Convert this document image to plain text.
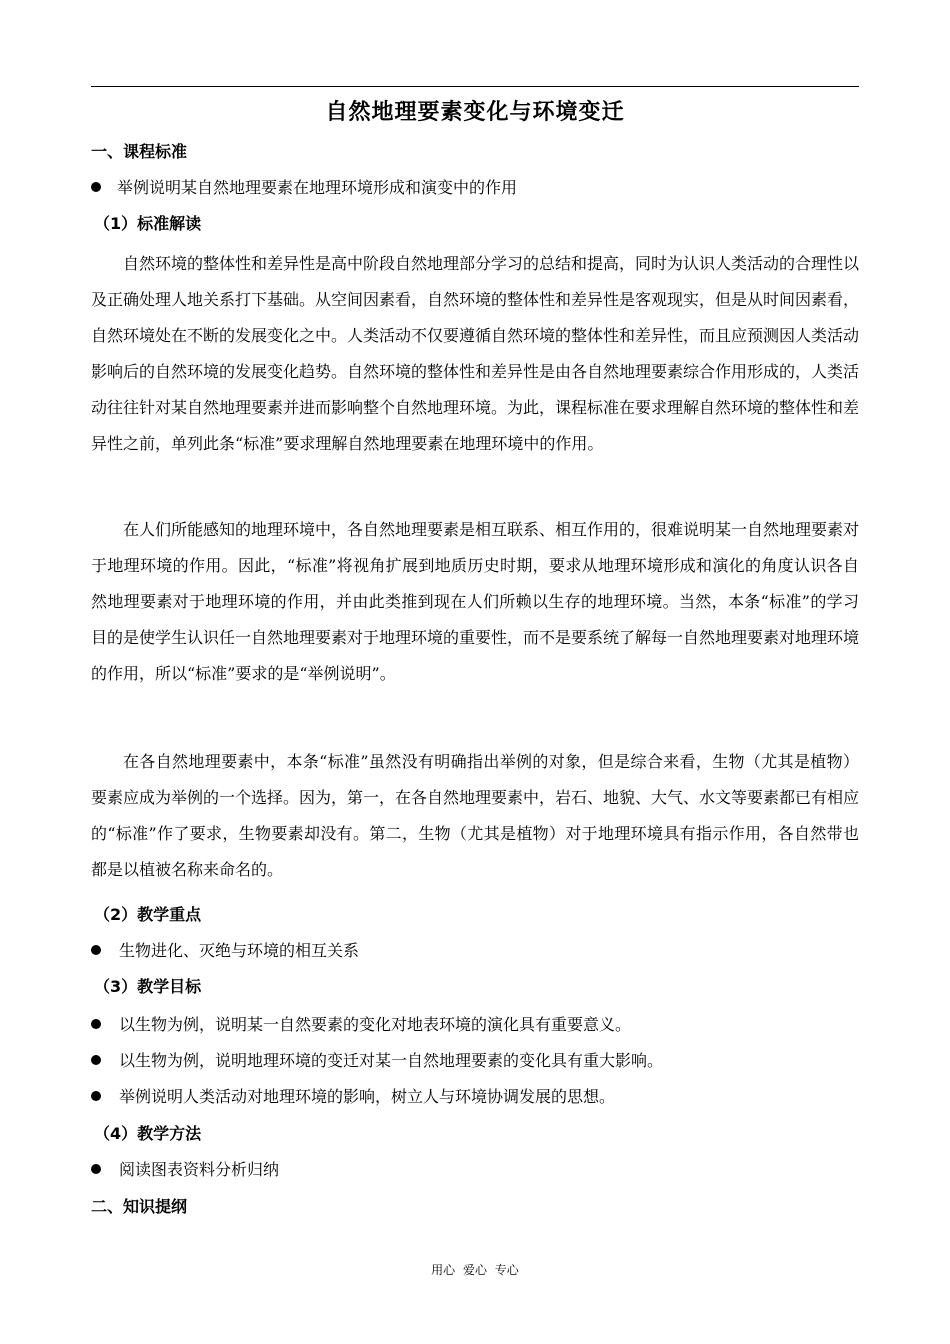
自然地理要素变化与环境变迁
一、课程标准
举例说明某自然地理要素在地理环境形成和演变中的作用
（1）标准解读

自然环境的整体性和差异性是高中阶段自然地理部分学习的总结和提高，同时为认识人类活动的合理性以及正确处理人地关系打下基础。从空间因素看，自然环境的整体性和差异性是客观现实，但是从时间因素看，自然环境处在不断的发展变化之中。人类活动不仅要遵循自然环境的整体性和差异性，而且应预测因人类活动影响后的自然环境的发展变化趋势。自然环境的整体性和差异性是由各自然地理要素综合作用形成的，人类活动往往针对某自然地理要素并进而影响整个自然地理环境。为此，课程标准在要求理解自然环境的整体性和差异性之前，单列此条“标准”要求理解自然地理要素在地理环境中的作用。

在人们所能感知的地理环境中，各自然地理要素是相互联系、相互作用的，很难说明某一自然地理要素对于地理环境的作用。因此，“标准”将视角扩展到地质历史时期，要求从地理环境形成和演化的角度认识各自然地理要素对于地理环境的作用，并由此类推到现在人们所赖以生存的地理环境。当然，本条“标准”的学习目的是使学生认识任一自然地理要素对于地理环境的重要性，而不是要系统了解每一自然地理要素对地理环境的作用，所以“标准”要求的是“举例说明”。

在各自然地理要素中，本条“标准”虽然没有明确指出举例的对象，但是综合来看，生物（尤其是植物）要素应成为举例的一个选择。因为，第一，在各自然地理要素中，岩石、地貌、大气、水文等要素都已有相应的“标准”作了要求，生物要素却没有。第二，生物（尤其是植物）对于地理环境具有指示作用，各自然带也都是以植被名称来命名的。

（2）教学重点
生物进化、灭绝与环境的相互关系
（3）教学目标
以生物为例，说明某一自然要素的变化对地表环境的演化具有重要意义。
以生物为例，说明地理环境的变迁对某一自然地理要素的变化具有重大影响。
举例说明人类活动对地理环境的影响，树立人与环境协调发展的思想。
（4）教学方法
阅读图表资料分析归纳
二、知识提纲
用心 爱心 专心
